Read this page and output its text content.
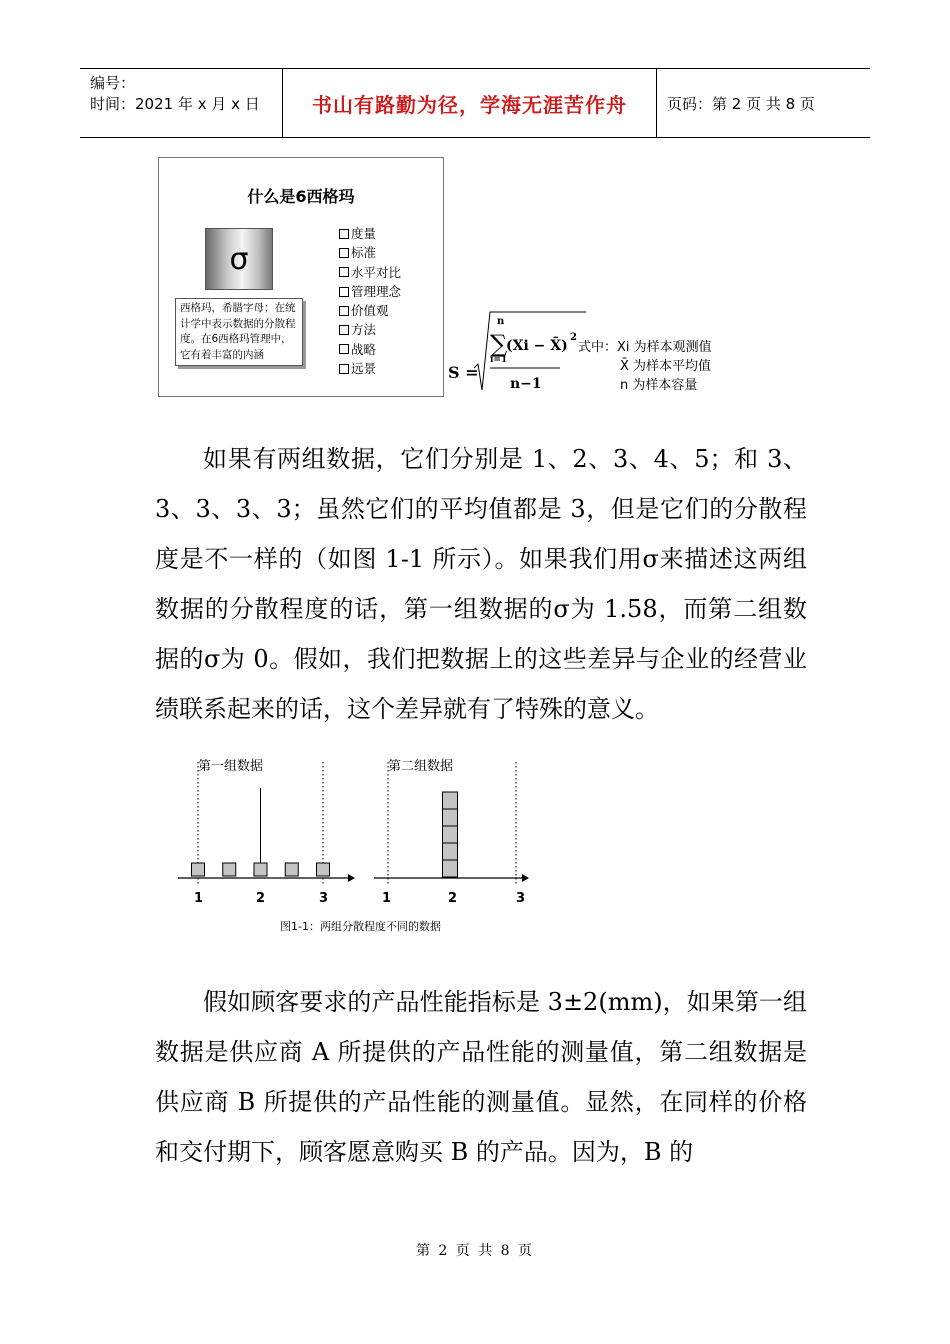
编号：
时间：2021 年 x 月 x 日	书山有路勤为径，学海无涯苦作舟	页码：第 2 页 共 8 页
什么是6西格玛
σ
西格玛，希腊字母；在统计学中表示数据的分散程度。在6西格玛管理中，它有着丰富的内涵
度量
标准
水平对比
管理理念
价值观
方法
战略
远景	S =
n
∑
i=1
(Xi − X̄)
2
n−1
式中：Xi 为样本观测值
X̄ 为样本平均值
n 为样本容量

如果有两组数据，它们分别是 1、2、3、4、5；和 3、3、3、3、3；虽然它们的平均值都是 3，但是它们的分散程度是不一样的（如图 1-1 所示）。如果我们用σ来描述这两组数据的分散程度的话，第一组数据的σ为 1.58，而第二组数据的σ为 0。假如，我们把数据上的这些差异与企业的经营业绩联系起来的话，这个差异就有了特殊的意义。

第一组数据
1	2	3
第二组数据
1	2	3
图1-1：两组分散程度不同的数据

假如顾客要求的产品性能指标是 3±2(mm)，如果第一组数据是供应商 A 所提供的产品性能的测量值，第二组数据是供应商 B 所提供的产品性能的测量值。显然，在同样的价格和交付期下，顾客愿意购买 B 的产品。因为，B 的

第 2 页 共 8 页
